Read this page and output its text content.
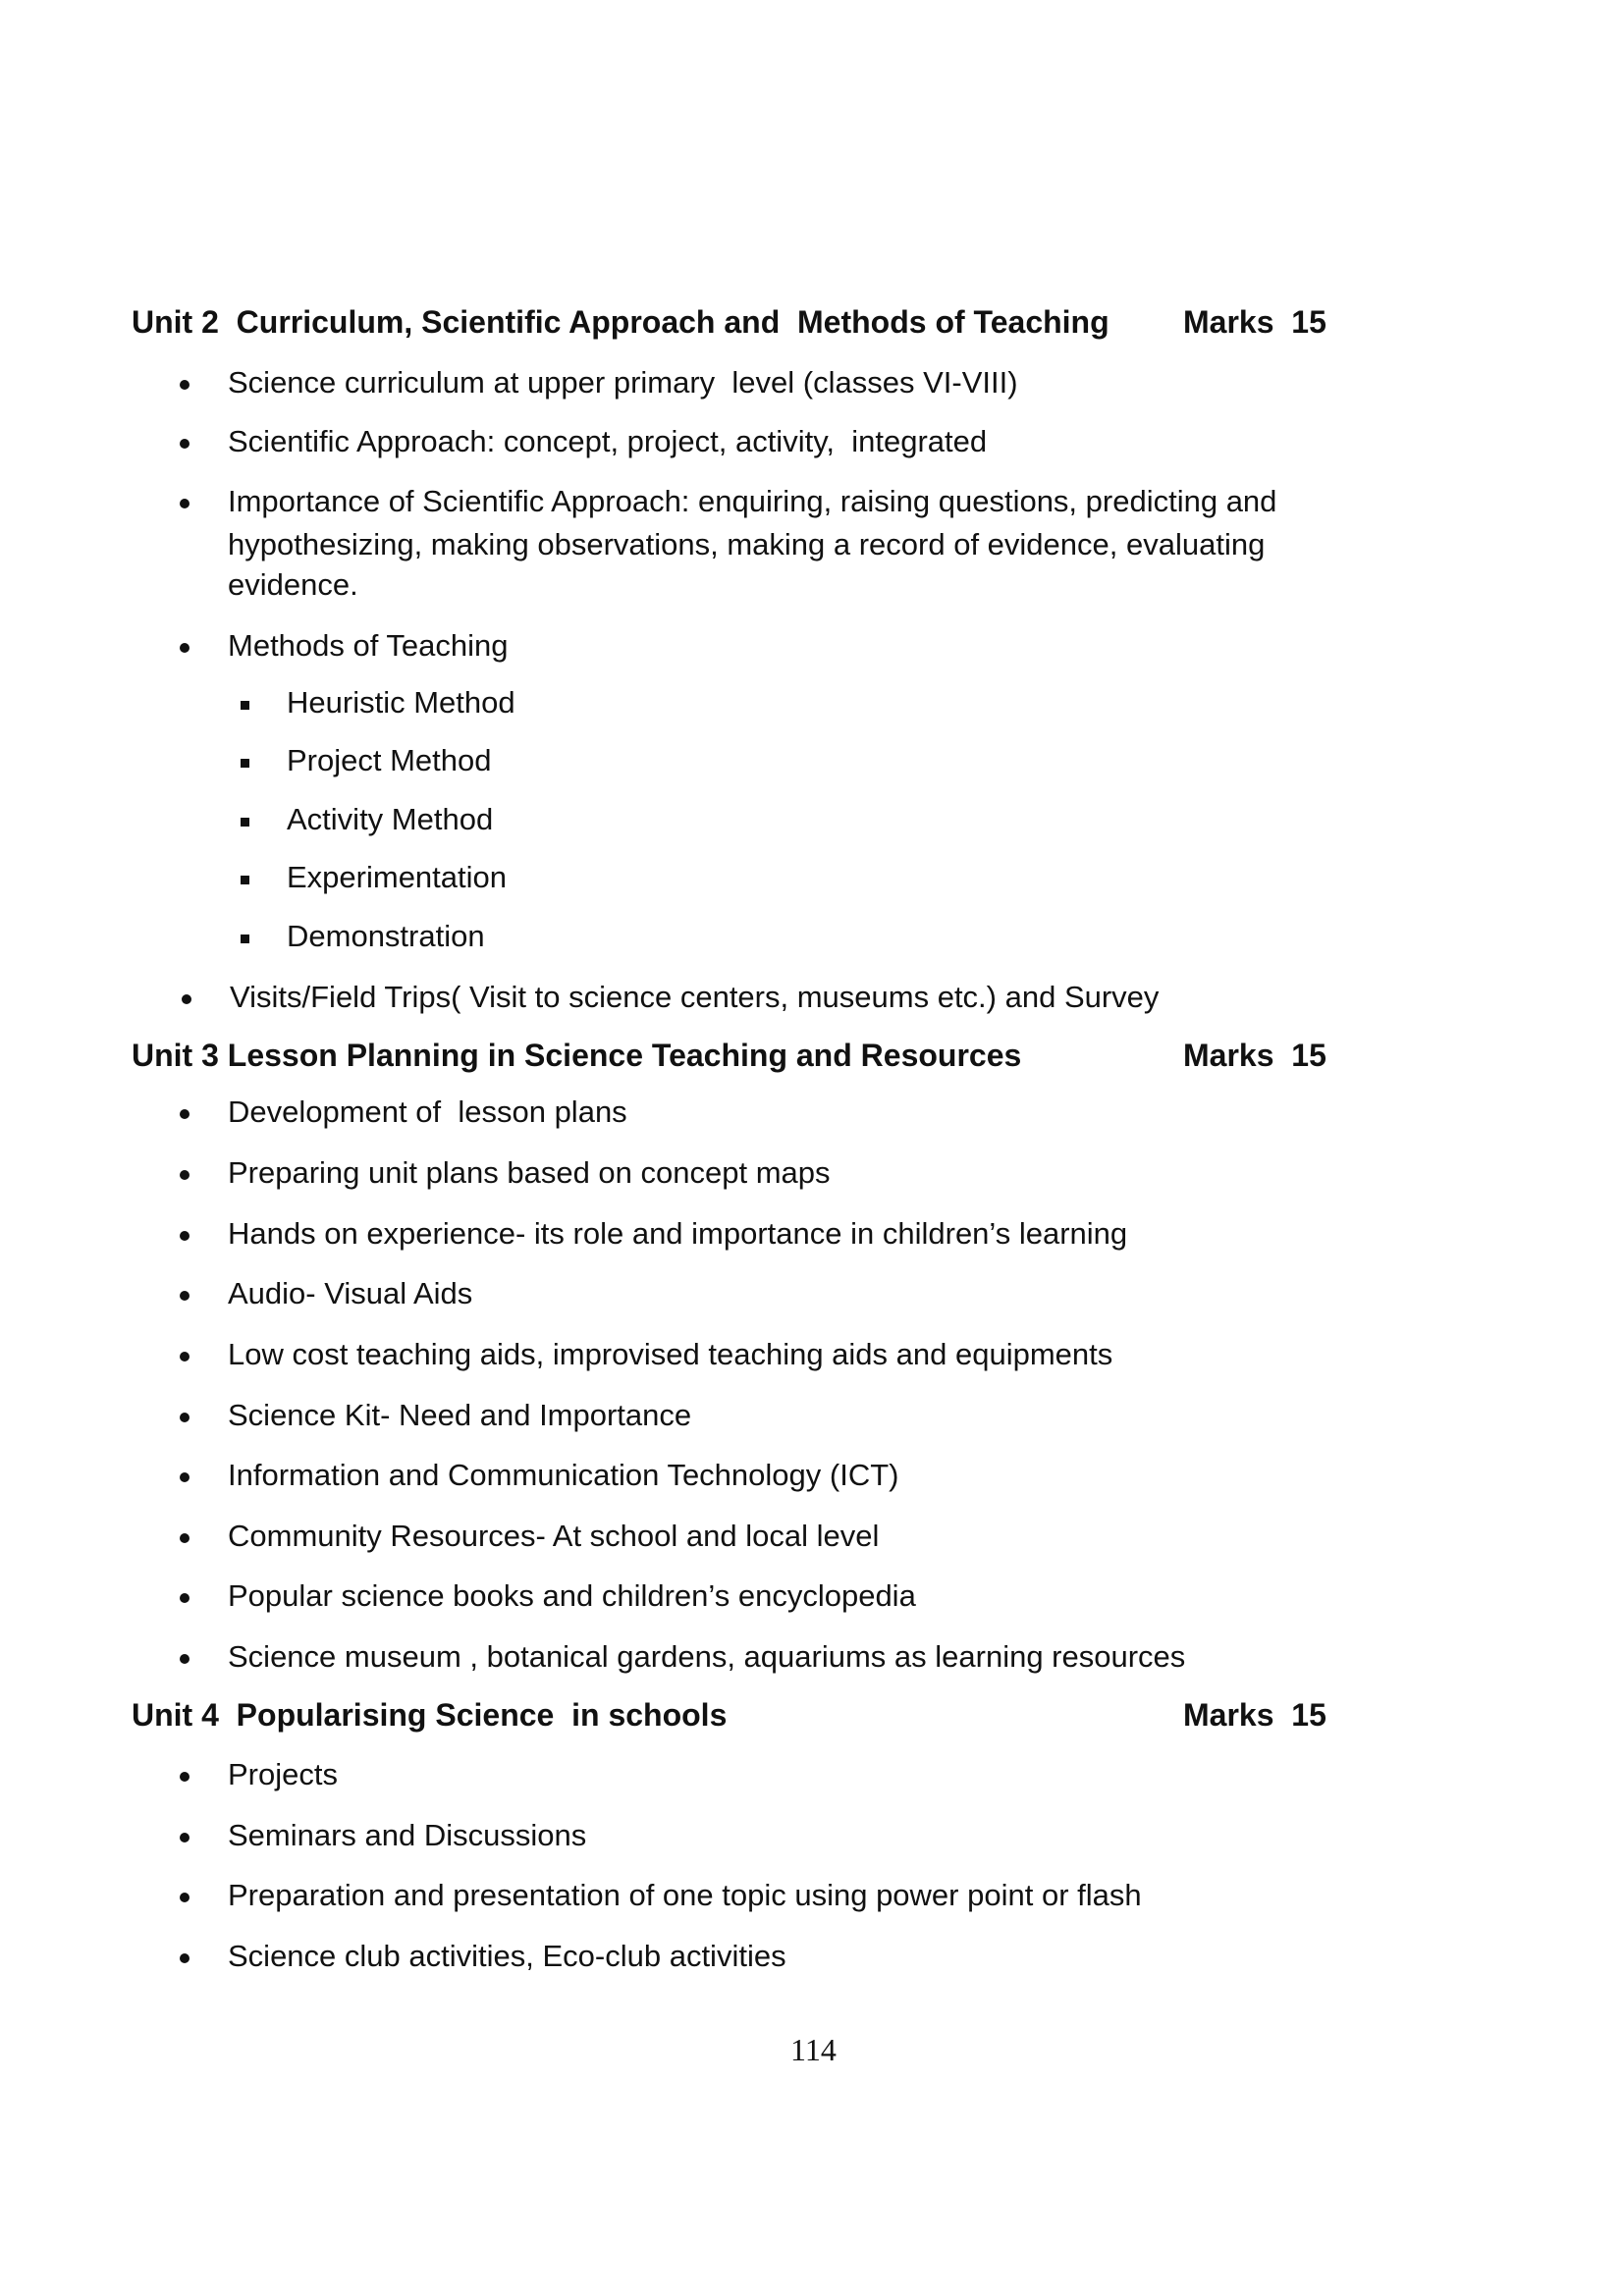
Unit 2  Curriculum, Scientific Approach and  Methods of Teaching Marks  15
Science curriculum at upper primary  level (classes VI-VIII)
Scientific Approach: concept, project, activity,  integrated
Importance of Scientific Approach: enquiring, raising questions, predicting and
hypothesizing, making observations, making a record of evidence, evaluating
evidence.
Methods of Teaching
Heuristic Method
Project Method
Activity Method
Experimentation
Demonstration
Visits/Field Trips( Visit to science centers, museums etc.) and Survey
Unit 3 Lesson Planning in Science Teaching and Resources	Marks  15
Development of  lesson plans
Preparing unit plans based on concept maps
Hands on experience- its role and importance in children’s learning
Audio- Visual Aids
Low cost teaching aids, improvised teaching aids and equipments
Science Kit- Need and Importance
Information and Communication Technology (ICT)
Community Resources- At school and local level
Popular science books and children’s encyclopedia
Science museum , botanical gardens, aquariums as learning resources
Unit 4  Popularising Science  in schools	Marks  15
Projects
Seminars and Discussions
Preparation and presentation of one topic using power point or flash
Science club activities, Eco-club activities
114
